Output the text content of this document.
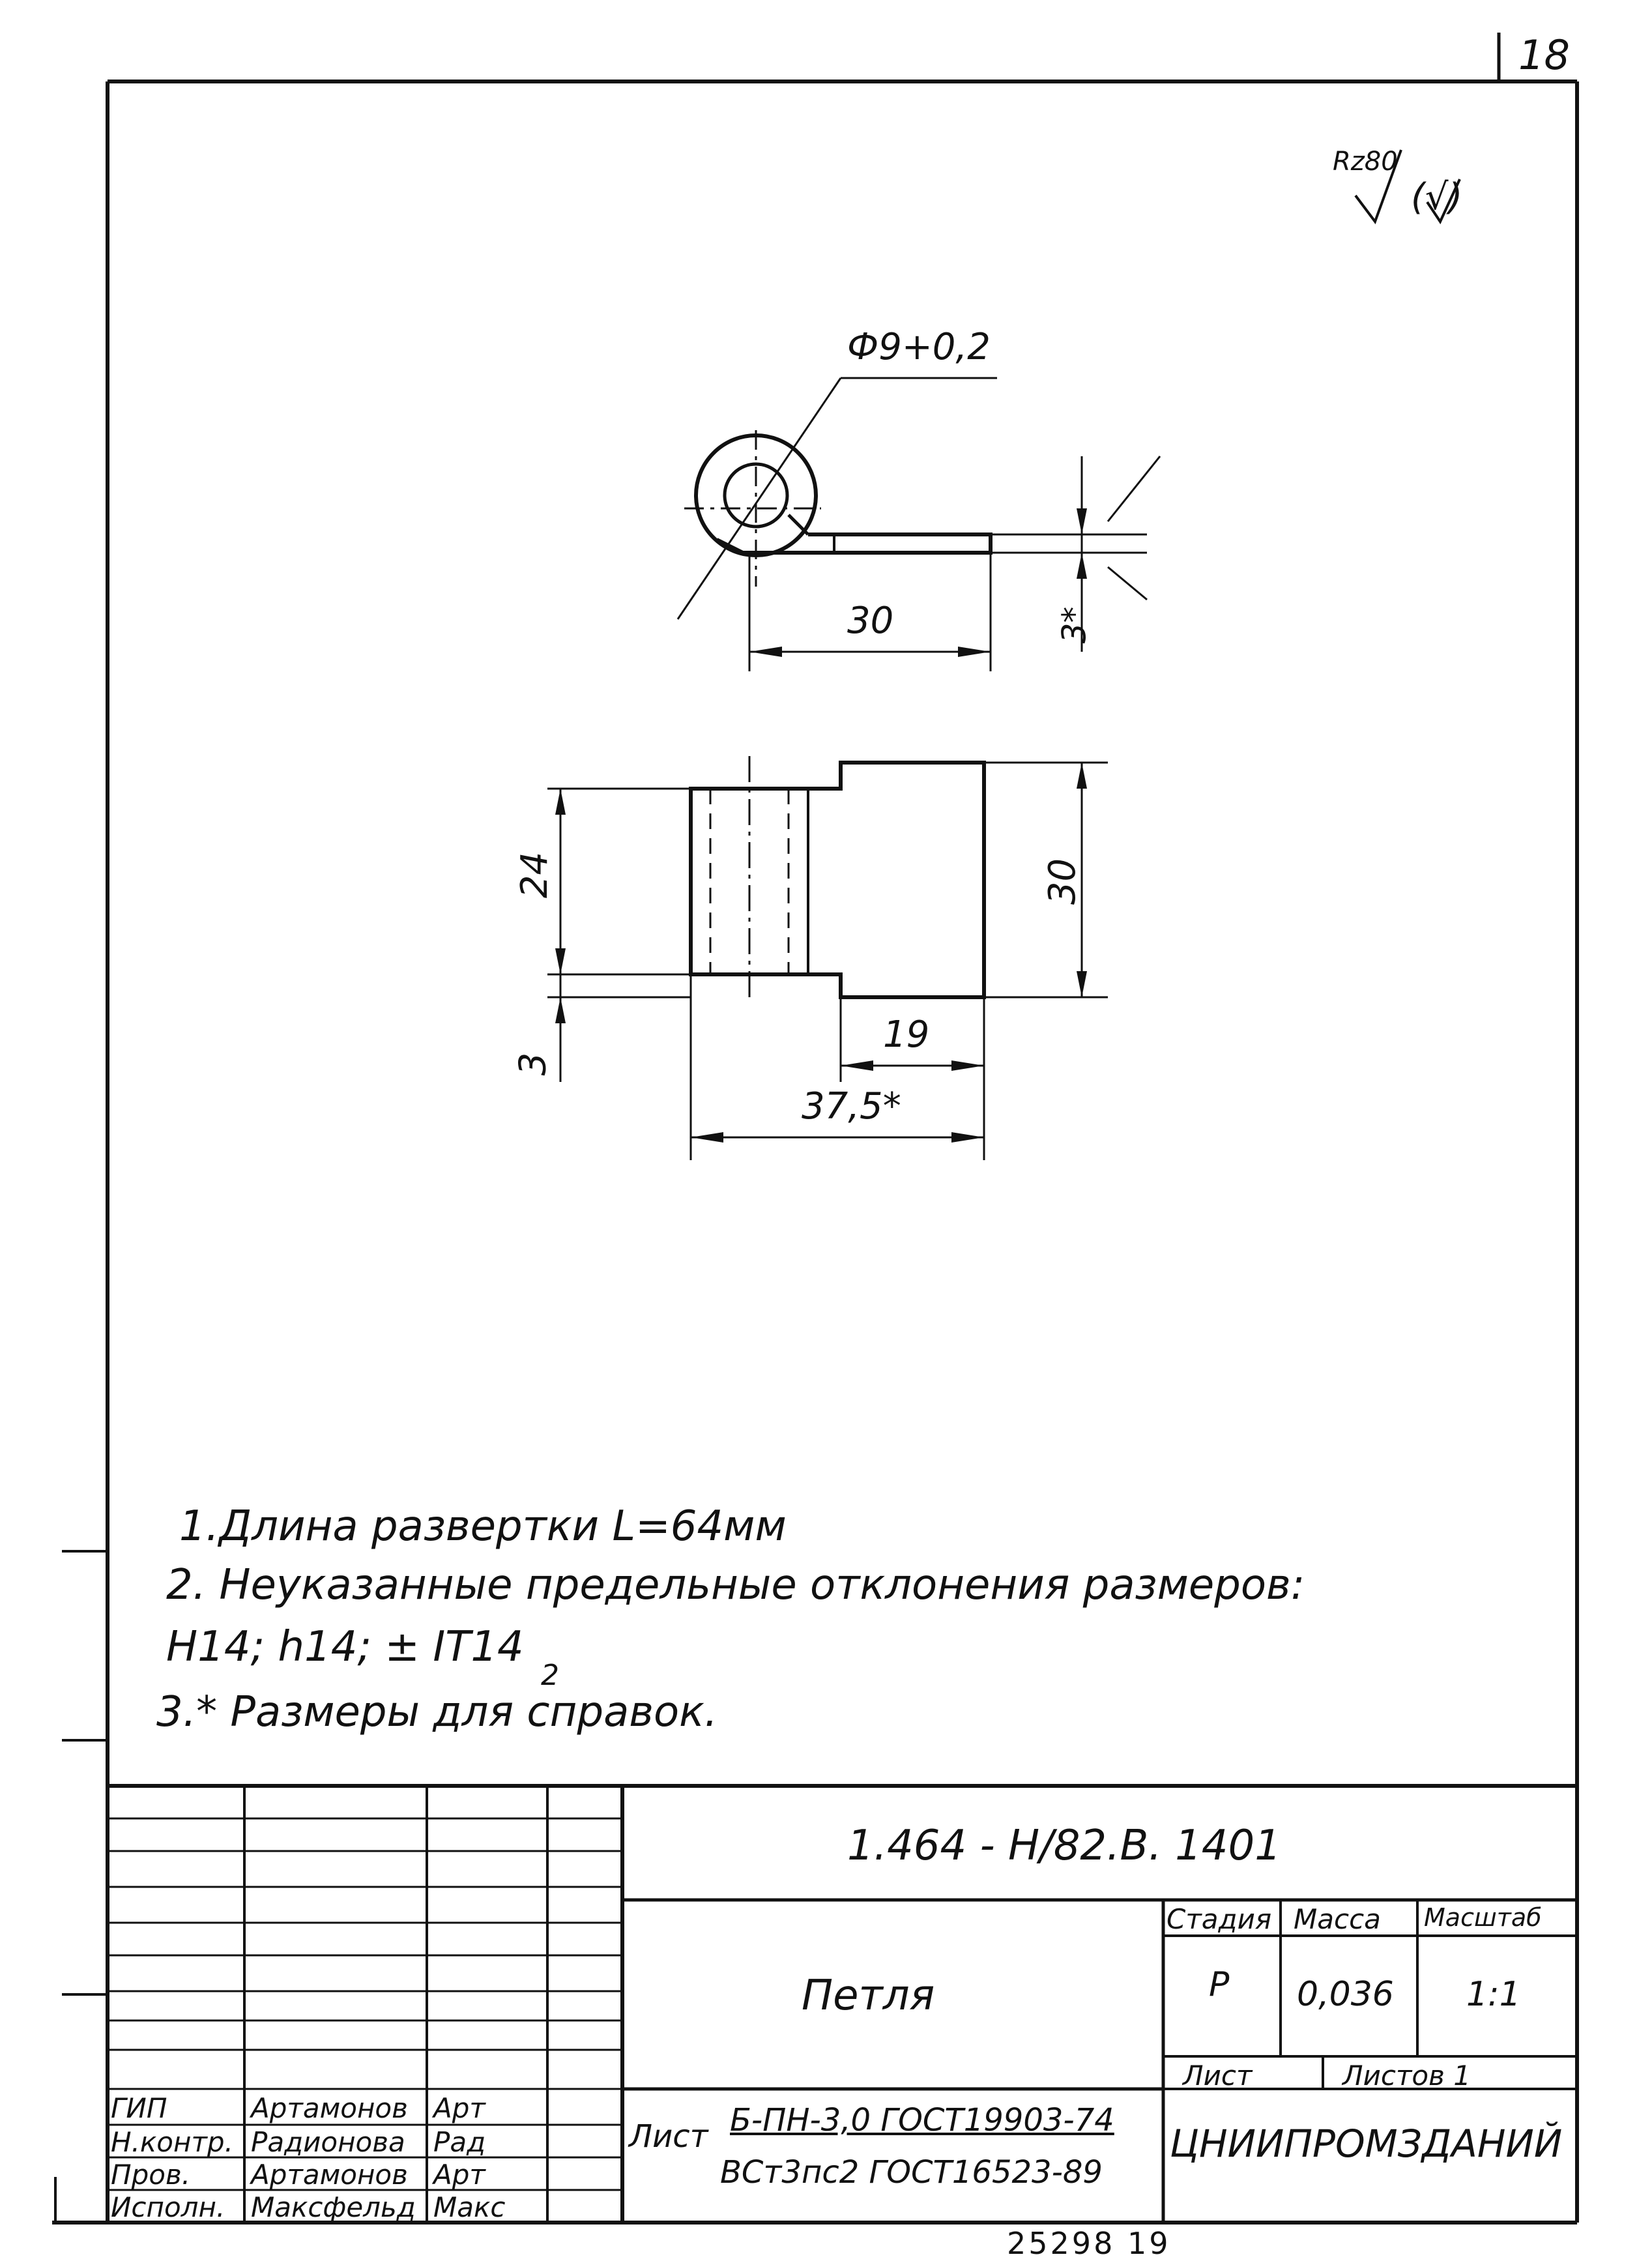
18
Rz80
(√)
Ф9+0,2
30	3*
24
3
30
19
37,5*
1.Длина развертки L=64мм
2. Неуказанные предельные отклонения размеров:
H14; h14; ± IT14
2
3.* Размеры для справок.
1.464 - Н/82.В. 1401
Петля
Стадия Масса Масштаб
Р 0,036 1:1
Лист	Листов 1
Лист Б-ПН-3,0 ГОСТ19903-74
ВСт3пс2 ГОСТ16523-89
ЦНИИПРОМЗДАНИЙ
ГИП	Артамонов Арт
Н.контр. Радионова Рад
Пров. Артамонов Арт
Исполн. Максфельд Макс
25298 19
